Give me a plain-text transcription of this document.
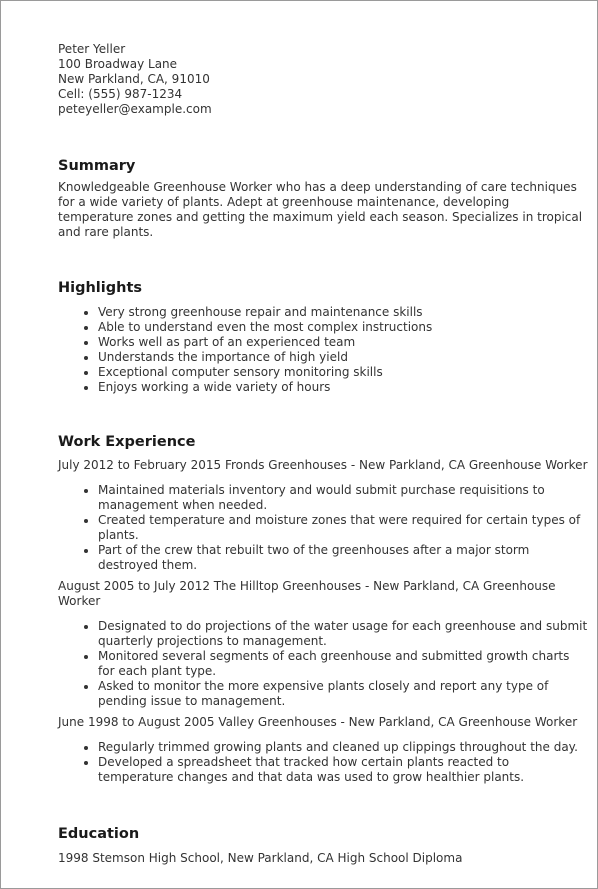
Peter Yeller
100 Broadway Lane
New Parkland, CA, 91010
Cell: (555) 987-1234
peteyeller@example.com
Summary

Knowledgeable Greenhouse Worker who has a deep understanding of care techniques for a wide variety of plants. Adept at greenhouse maintenance, developing temperature zones and getting the maximum yield each season. Specializes in tropical and rare plants.

Highlights
• Very strong greenhouse repair and maintenance skills
• Able to understand even the most complex instructions
• Works well as part of an experienced team
• Understands the importance of high yield
• Exceptional computer sensory monitoring skills
• Enjoys working a wide variety of hours
Work Experience
July 2012 to February 2015 Fronds Greenhouses - New Parkland, CA Greenhouse Worker
• Maintained materials inventory and would submit purchase requisitions to management when needed.
• Created temperature and moisture zones that were required for certain types of plants.
• Part of the crew that rebuilt two of the greenhouses after a major storm destroyed them.
August 2005 to July 2012 The Hilltop Greenhouses - New Parkland, CA Greenhouse Worker
• Designated to do projections of the water usage for each greenhouse and submit quarterly projections to management.
• Monitored several segments of each greenhouse and submitted growth charts for each plant type.
• Asked to monitor the more expensive plants closely and report any type of pending issue to management.
June 1998 to August 2005 Valley Greenhouses - New Parkland, CA Greenhouse Worker
• Regularly trimmed growing plants and cleaned up clippings throughout the day.
• Developed a spreadsheet that tracked how certain plants reacted to temperature changes and that data was used to grow healthier plants.
Education
1998 Stemson High School, New Parkland, CA High School Diploma
